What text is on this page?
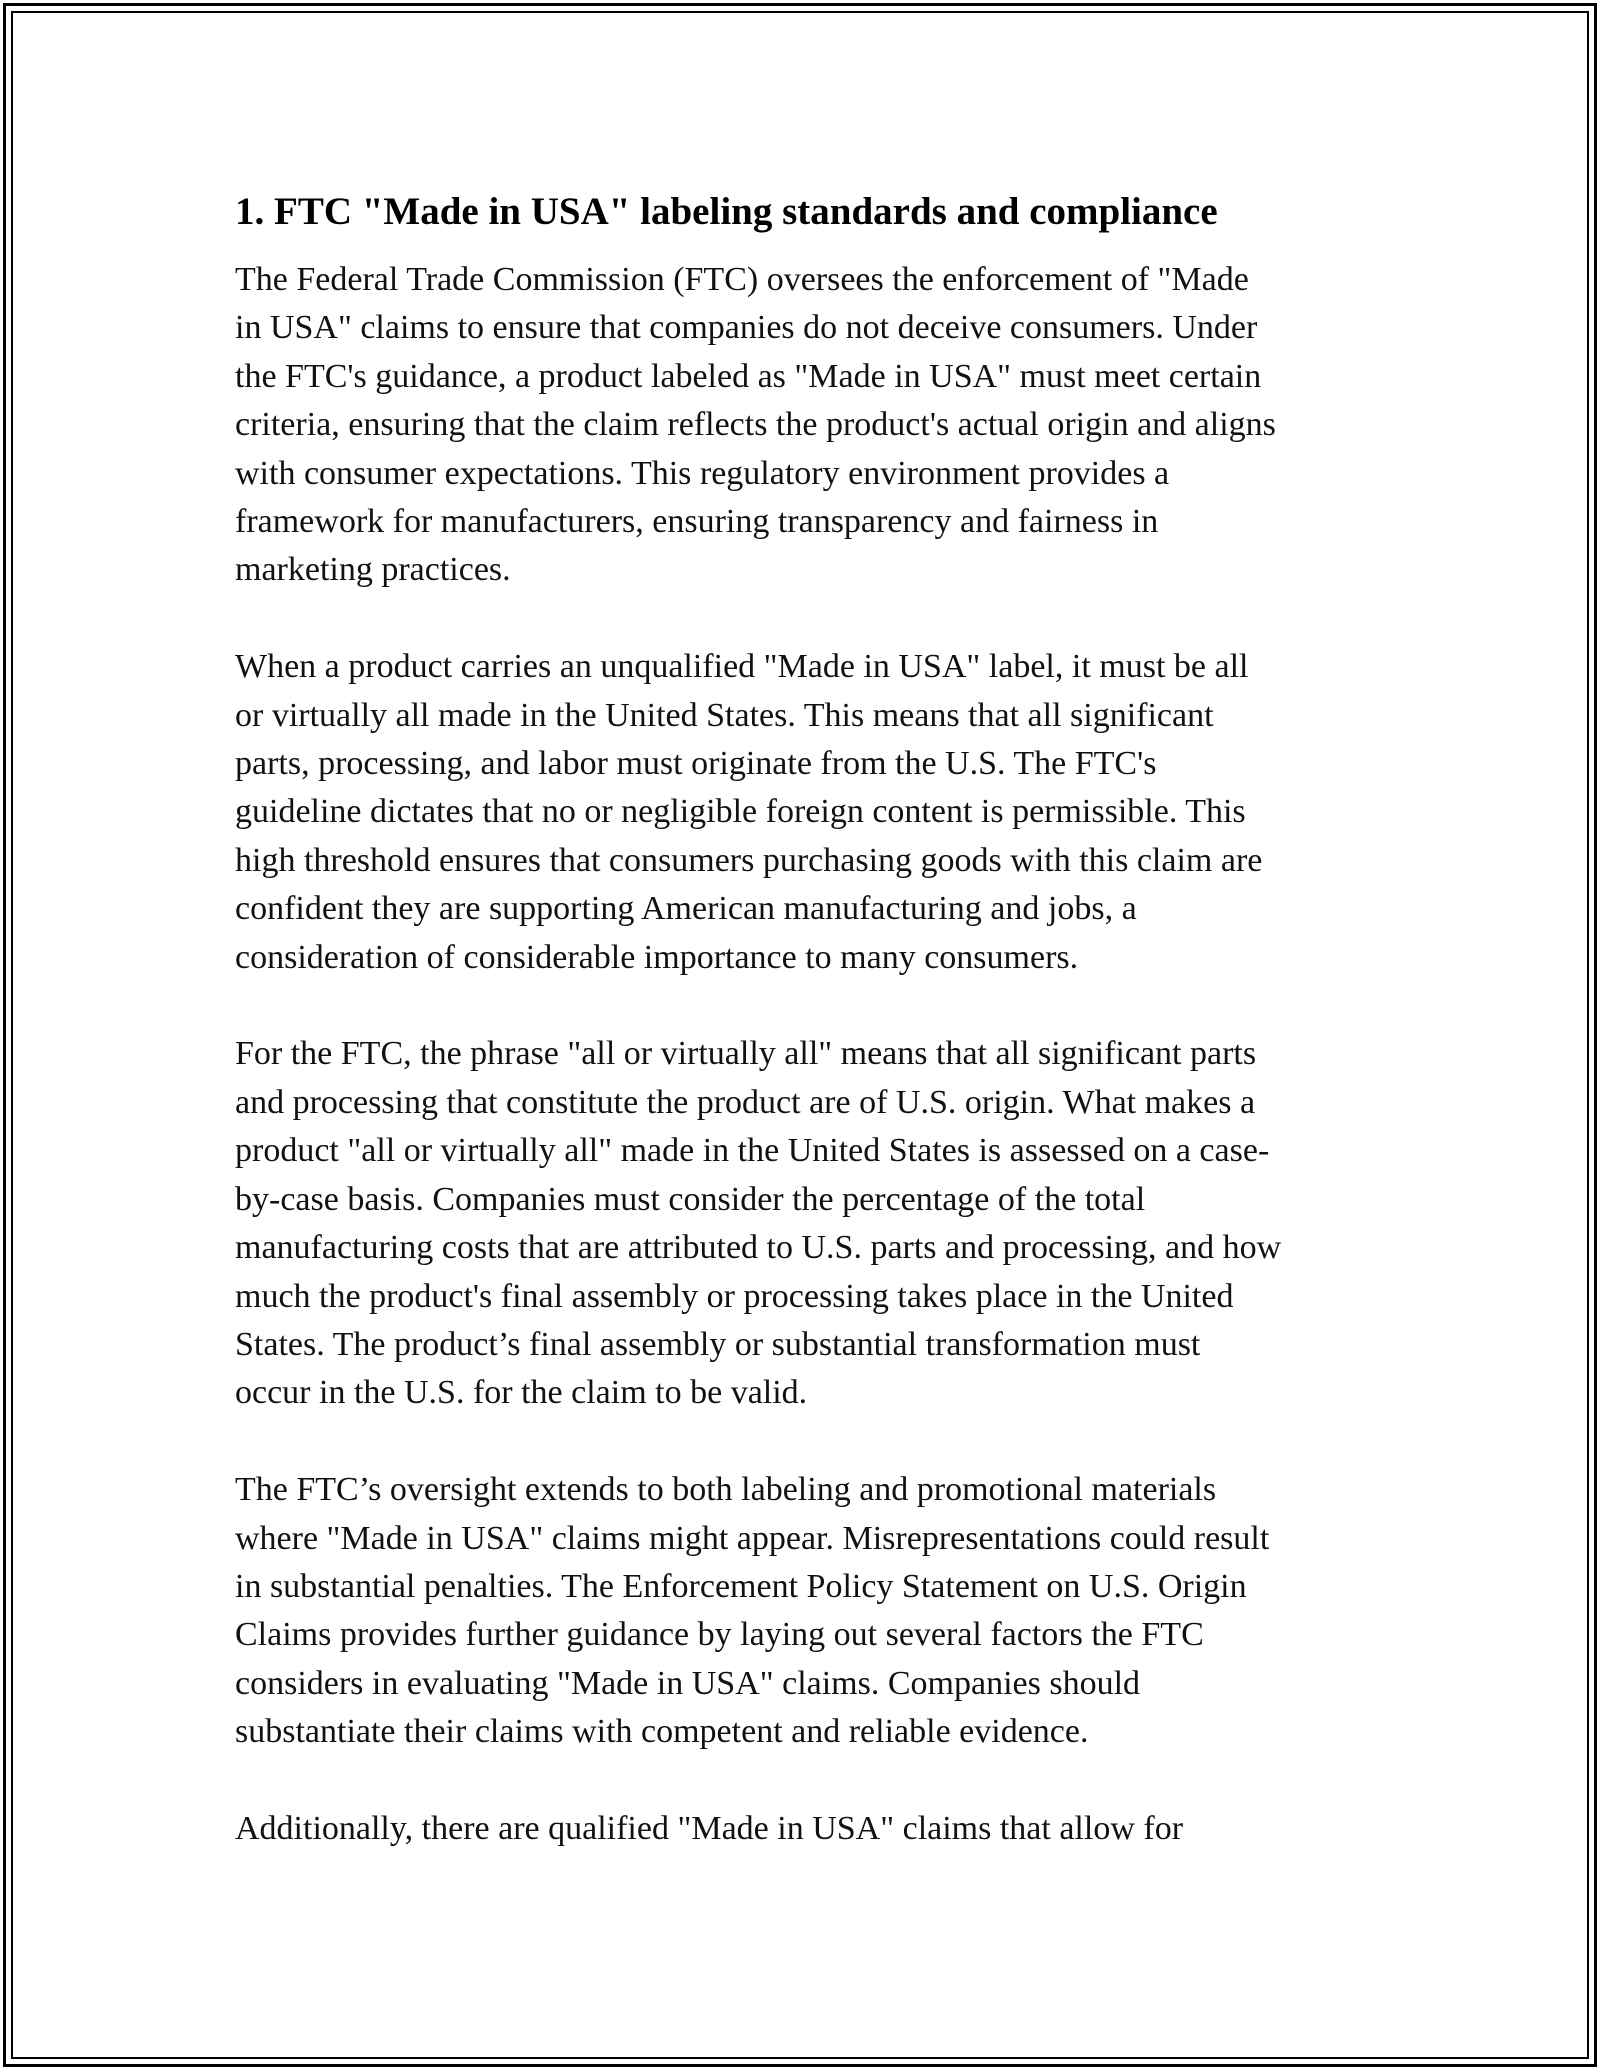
1. FTC "Made in USA" labeling standards and compliance

The Federal Trade Commission (FTC) oversees the enforcement of "Made
in USA" claims to ensure that companies do not deceive consumers. Under
the FTC's guidance, a product labeled as "Made in USA" must meet certain
criteria, ensuring that the claim reflects the product's actual origin and aligns
with consumer expectations. This regulatory environment provides a
framework for manufacturers, ensuring transparency and fairness in
marketing practices.

When a product carries an unqualified "Made in USA" label, it must be all
or virtually all made in the United States. This means that all significant
parts, processing, and labor must originate from the U.S. The FTC's
guideline dictates that no or negligible foreign content is permissible. This
high threshold ensures that consumers purchasing goods with this claim are
confident they are supporting American manufacturing and jobs, a
consideration of considerable importance to many consumers.

For the FTC, the phrase "all or virtually all" means that all significant parts
and processing that constitute the product are of U.S. origin. What makes a
product "all or virtually all" made in the United States is assessed on a case-
by-case basis. Companies must consider the percentage of the total
manufacturing costs that are attributed to U.S. parts and processing, and how
much the product's final assembly or processing takes place in the United
States. The product’s final assembly or substantial transformation must
occur in the U.S. for the claim to be valid.

The FTC’s oversight extends to both labeling and promotional materials
where "Made in USA" claims might appear. Misrepresentations could result
in substantial penalties. The Enforcement Policy Statement on U.S. Origin
Claims provides further guidance by laying out several factors the FTC
considers in evaluating "Made in USA" claims. Companies should
substantiate their claims with competent and reliable evidence.

Additionally, there are qualified "Made in USA" claims that allow for
